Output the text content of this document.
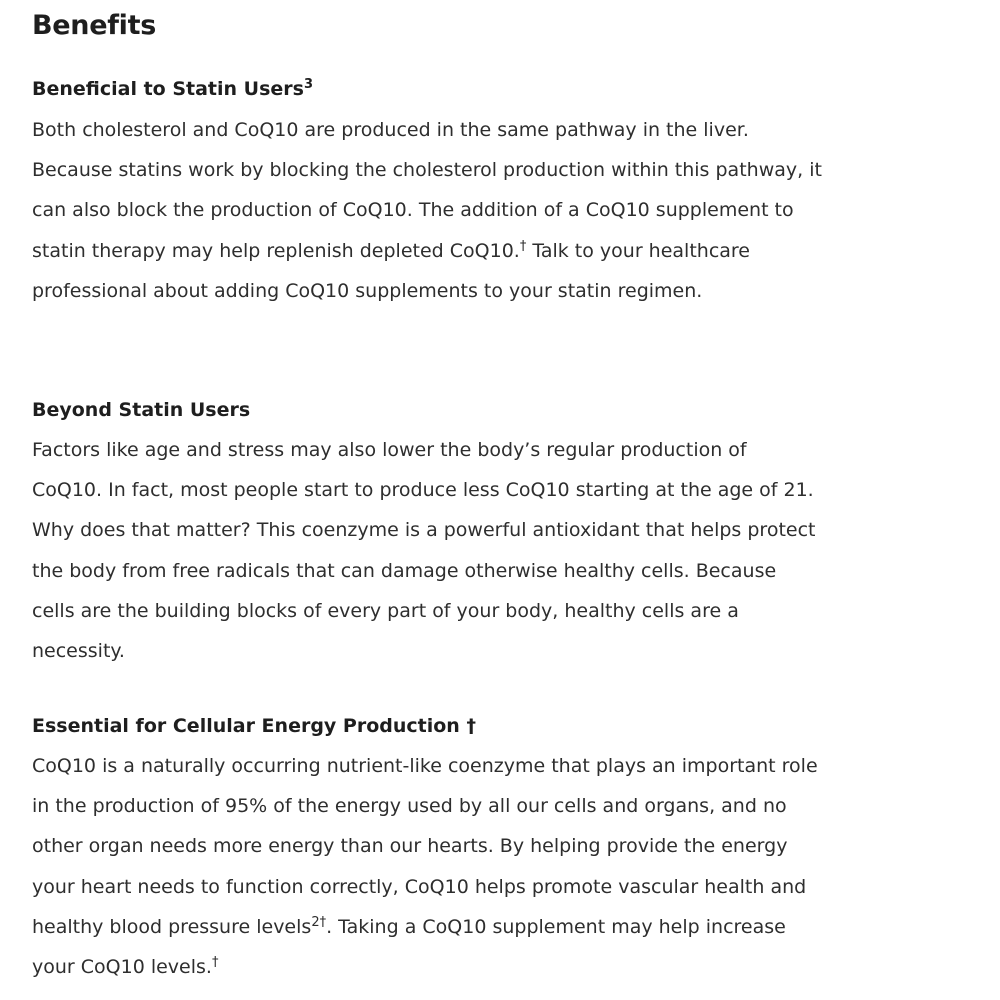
Benefits
Beneficial to Statin Users$^3$

Both cholesterol and CoQ10 are produced in the same pathway in the liver. Because statins work by blocking the cholesterol production within this pathway, it can also block the production of CoQ10. The addition of a CoQ10 supplement to statin therapy may help replenish depleted CoQ10.† Talk to your healthcare professional about adding CoQ10 supplements to your statin regimen.

Beyond Statin Users

Factors like age and stress may also lower the body’s regular production of CoQ10. In fact, most people start to produce less CoQ10 starting at the age of 21. Why does that matter? This coenzyme is a powerful antioxidant that helps protect the body from free radicals that can damage otherwise healthy cells. Because cells are the building blocks of every part of your body, healthy cells are a necessity.

Essential for Cellular Energy Production †

CoQ10 is a naturally occurring nutrient-like coenzyme that plays an important role in the production of 95% of the energy used by all our cells and organs, and no other organ needs more energy than our hearts. By helping provide the energy your heart needs to function correctly, CoQ10 helps promote vascular health and healthy blood pressure levels$^{2\dagger}$. Taking a CoQ10 supplement may help increase your CoQ10 levels.†
